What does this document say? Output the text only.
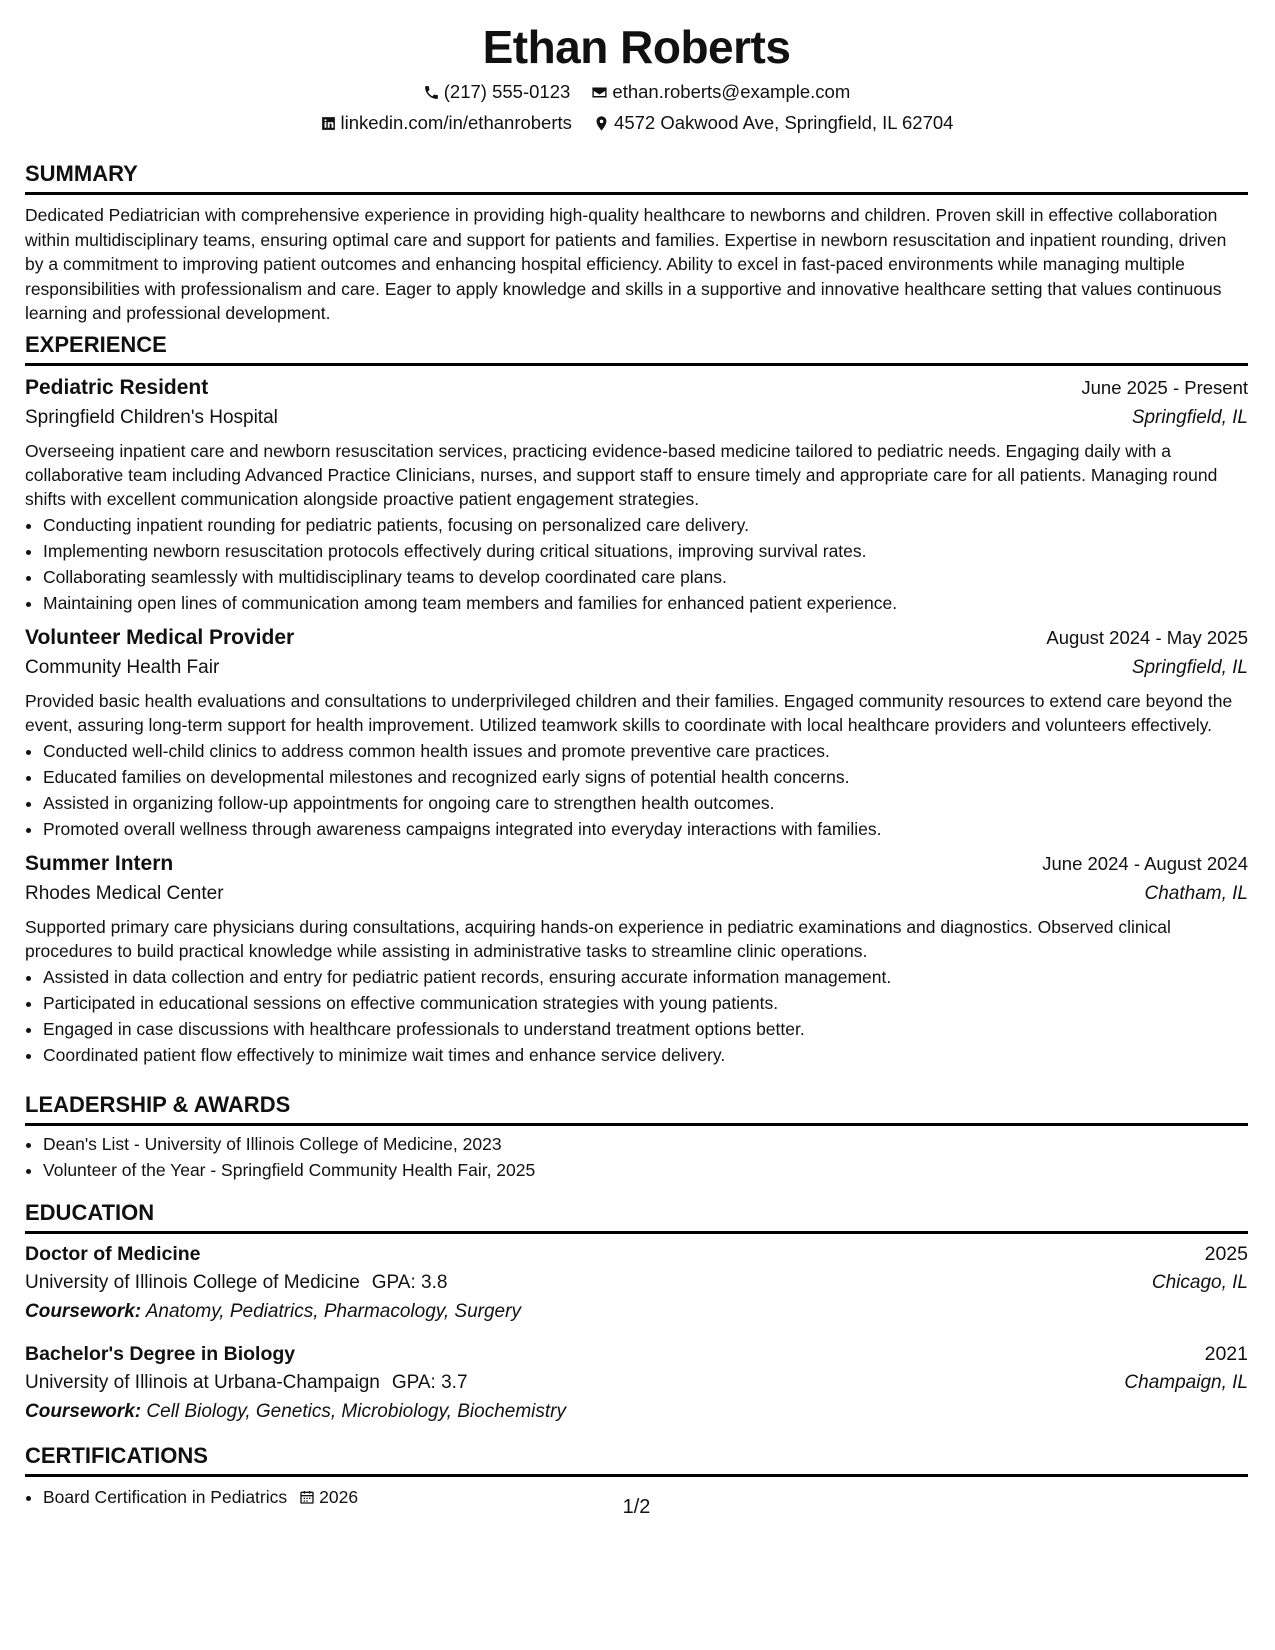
Ethan Roberts
(217) 555-0123
ethan.roberts@example.com
linkedin.com/in/ethanroberts
4572 Oakwood Ave, Springfield, IL 62704
SUMMARY

Dedicated Pediatrician with comprehensive experience in providing high-quality healthcare to newborns and children. Proven skill in effective collaboration within multidisciplinary teams, ensuring optimal care and support for patients and families. Expertise in newborn resuscitation and inpatient rounding, driven by a commitment to improving patient outcomes and enhancing hospital efficiency. Ability to excel in fast-paced environments while managing multiple responsibilities with professionalism and care. Eager to apply knowledge and skills in a supportive and innovative healthcare setting that values continuous learning and professional development.

EXPERIENCE
Pediatric Resident	June 2025 - Present
Springfield Children's Hospital	Springfield, IL
Overseeing inpatient care and newborn resuscitation services, practicing evidence-based medicine tailored to pediatric needs. Engaging daily with a collaborative team including Advanced Practice Clinicians, nurses, and support staff to ensure timely and appropriate care for all patients. Managing round shifts with excellent communication alongside proactive patient engagement strategies.
• Conducting inpatient rounding for pediatric patients, focusing on personalized care delivery.
• Implementing newborn resuscitation protocols effectively during critical situations, improving survival rates.
• Collaborating seamlessly with multidisciplinary teams to develop coordinated care plans.
• Maintaining open lines of communication among team members and families for enhanced patient experience.
Volunteer Medical Provider	August 2024 - May 2025
Community Health Fair	Springfield, IL
Provided basic health evaluations and consultations to underprivileged children and their families. Engaged community resources to extend care beyond the event, assuring long-term support for health improvement. Utilized teamwork skills to coordinate with local healthcare providers and volunteers effectively.
• Conducted well-child clinics to address common health issues and promote preventive care practices.
• Educated families on developmental milestones and recognized early signs of potential health concerns.
• Assisted in organizing follow-up appointments for ongoing care to strengthen health outcomes.
• Promoted overall wellness through awareness campaigns integrated into everyday interactions with families.
Summer Intern	June 2024 - August 2024
Rhodes Medical Center	Chatham, IL
Supported primary care physicians during consultations, acquiring hands-on experience in pediatric examinations and diagnostics. Observed clinical procedures to build practical knowledge while assisting in administrative tasks to streamline clinic operations.
• Assisted in data collection and entry for pediatric patient records, ensuring accurate information management.
• Participated in educational sessions on effective communication strategies with young patients.
• Engaged in case discussions with healthcare professionals to understand treatment options better.
• Coordinated patient flow effectively to minimize wait times and enhance service delivery.
LEADERSHIP & AWARDS
• Dean's List - University of Illinois College of Medicine, 2023
• Volunteer of the Year - Springfield Community Health Fair, 2025
EDUCATION
Doctor of Medicine	2025
University of Illinois College of Medicine GPA: 3.8	Chicago, IL
Coursework: Anatomy, Pediatrics, Pharmacology, Surgery
Bachelor's Degree in Biology	2021
University of Illinois at Urbana-Champaign GPA: 3.7	Champaign, IL
Coursework: Cell Biology, Genetics, Microbiology, Biochemistry
CERTIFICATIONS
• Board Certification in Pediatrics 2026	1/2
